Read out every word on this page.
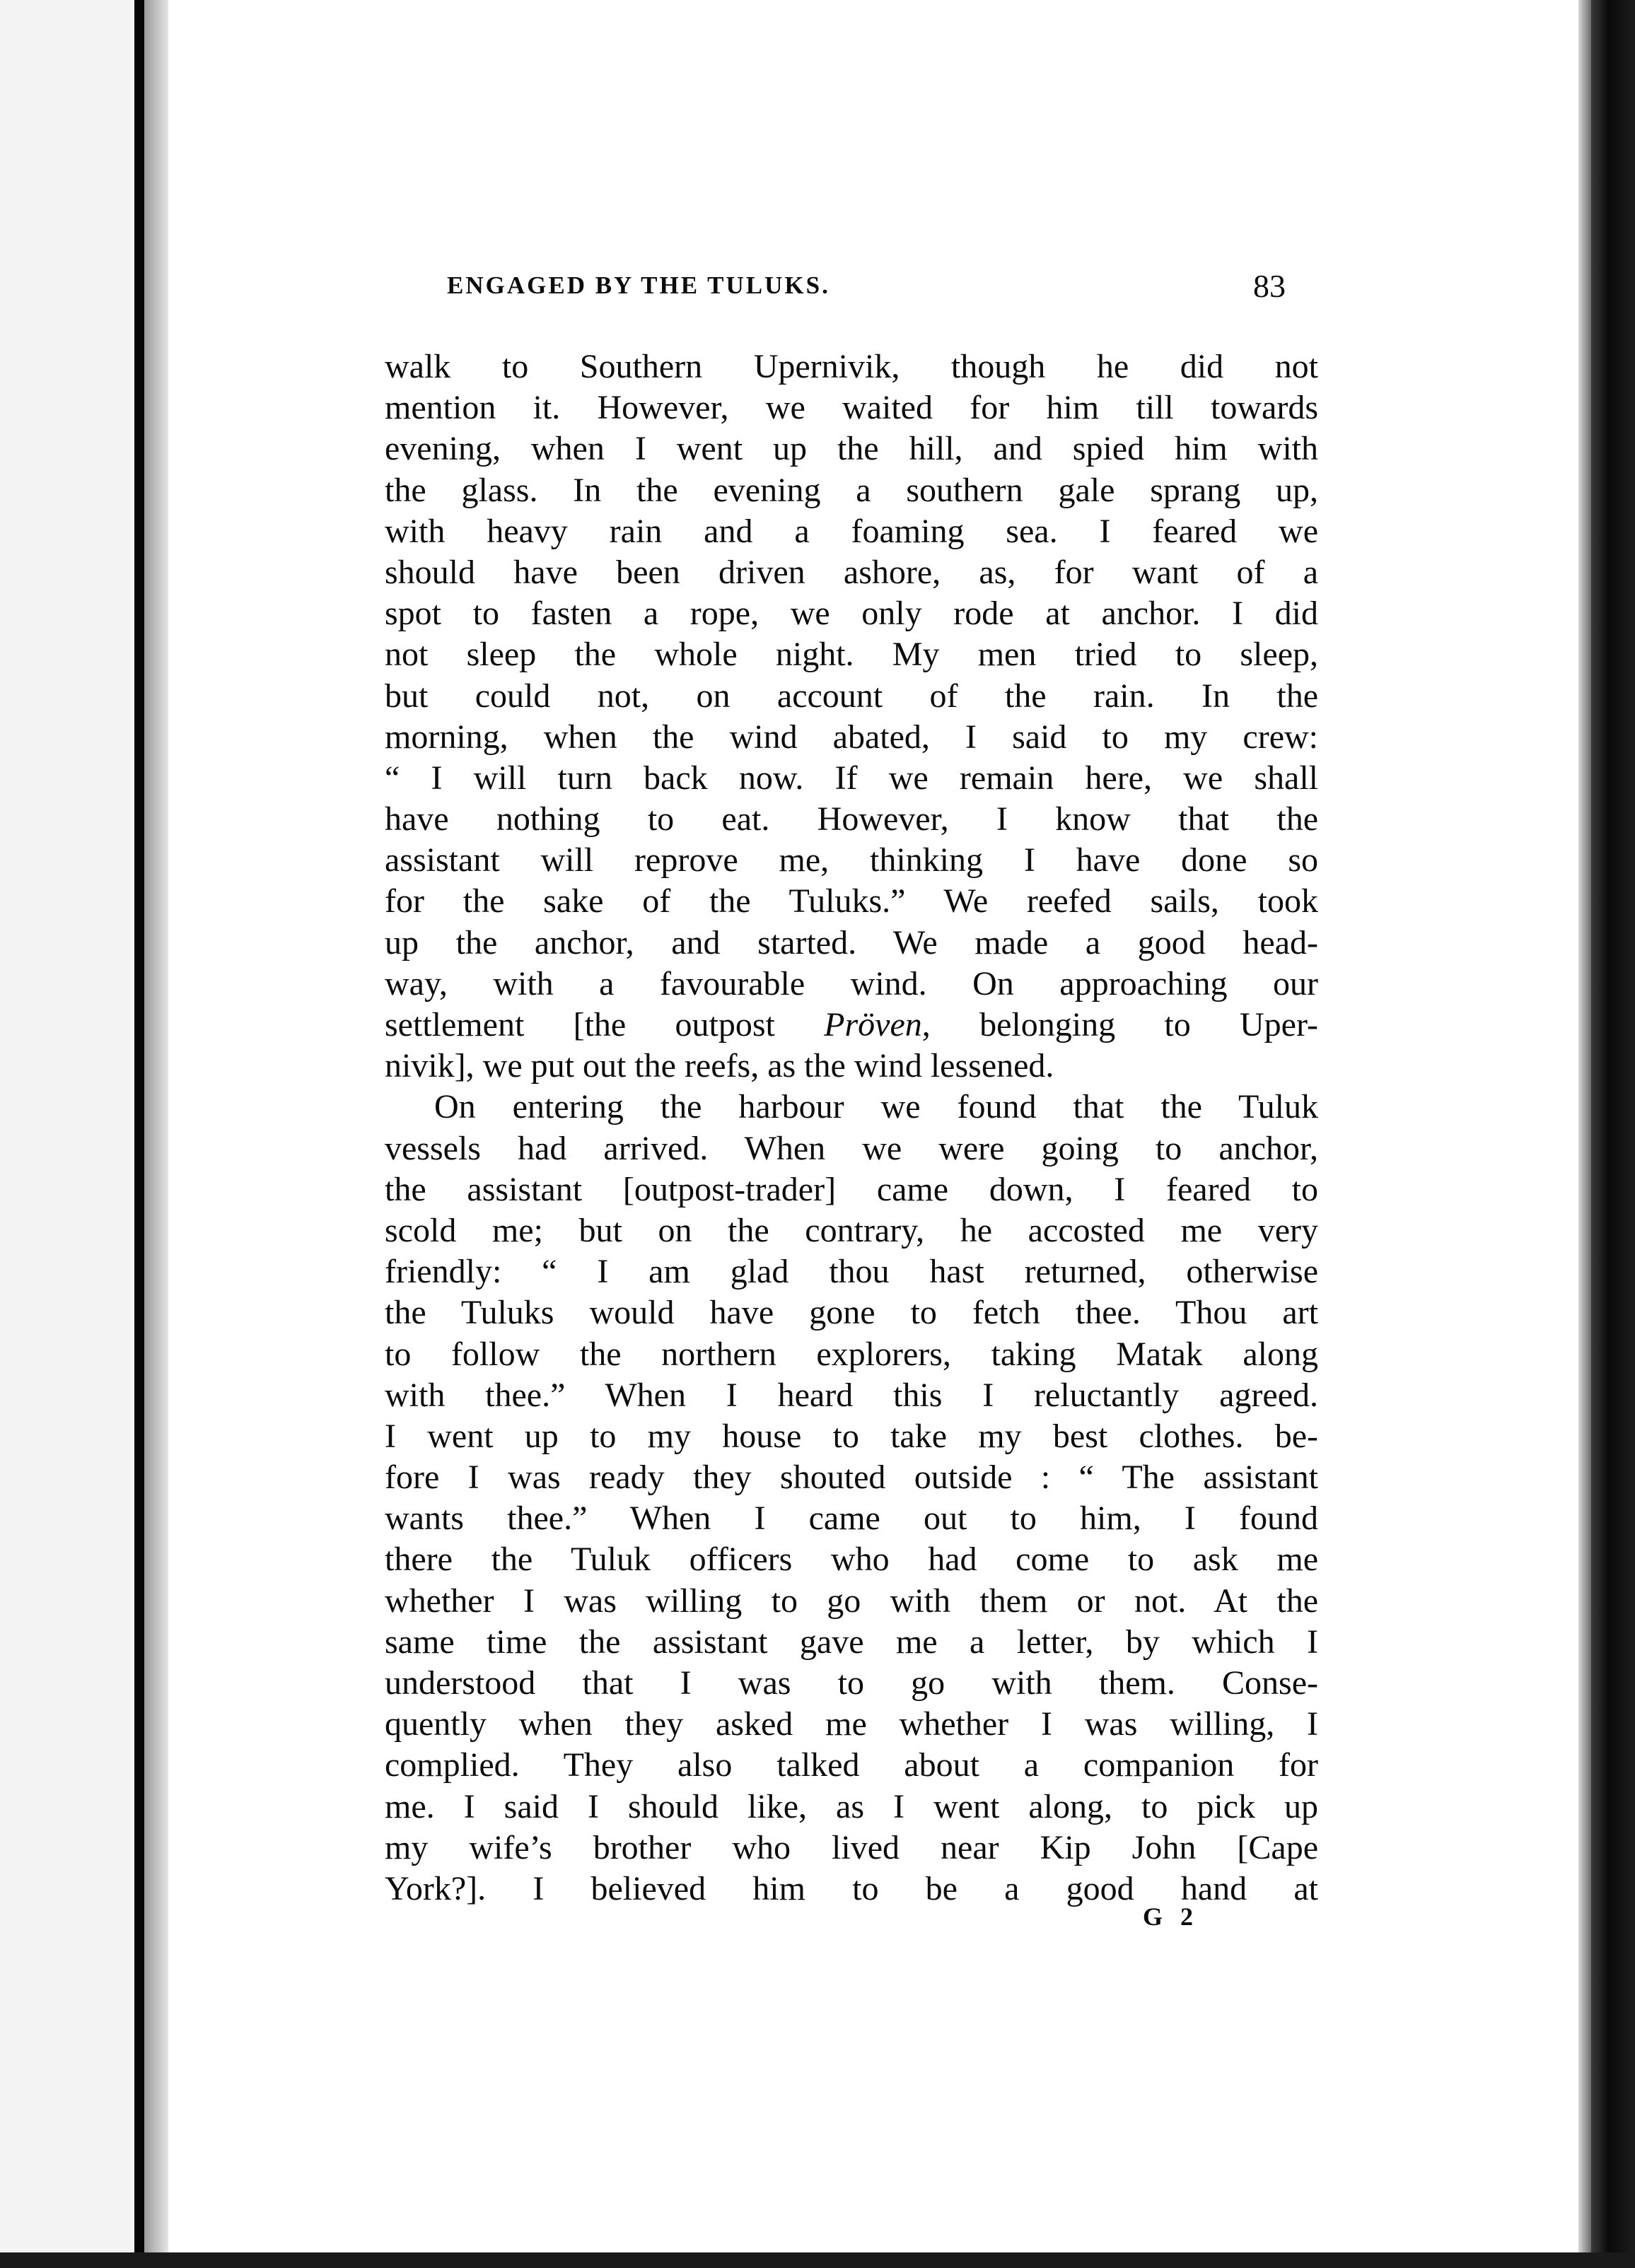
ENGAGED BY THE TULUKS.	83
walk to Southern Upernivik, though he did not
mention it. However, we waited for him till towards
evening, when I went up the hill, and spied him with
the glass. In the evening a southern gale sprang up,
with heavy rain and a foaming sea. I feared we
should have been driven ashore, as, for want of a
spot to fasten a rope, we only rode at anchor. I did
not sleep the whole night. My men tried to sleep,
but could not, on account of the rain. In the
morning, when the wind abated, I said to my crew:
“ I will turn back now. If we remain here, we shall
have nothing to eat. However, I know that the
assistant will reprove me, thinking I have done so
for the sake of the Tuluks.” We reefed sails, took
up the anchor, and started. We made a good head-
way, with a favourable wind. On approaching our
settlement [the outpost Pröven, belonging to Uper-
nivik], we put out the reefs, as the wind lessened.
On entering the harbour we found that the Tuluk
vessels had arrived. When we were going to anchor,
the assistant [outpost-trader] came down, I feared to
scold me; but on the contrary, he accosted me very
friendly: “ I am glad thou hast returned, otherwise
the Tuluks would have gone to fetch thee. Thou art
to follow the northern explorers, taking Matak along
with thee.” When I heard this I reluctantly agreed.
I went up to my house to take my best clothes. be-
fore I was ready they shouted outside : “ The assistant
wants thee.” When I came out to him, I found
there the Tuluk officers who had come to ask me
whether I was willing to go with them or not. At the
same time the assistant gave me a letter, by which I
understood that I was to go with them. Conse-
quently when they asked me whether I was willing, I
complied. They also talked about a companion for
me. I said I should like, as I went along, to pick up
my wife’s brother who lived near Kip John [Cape
York?]. I believed him to be a good hand at
G 2
